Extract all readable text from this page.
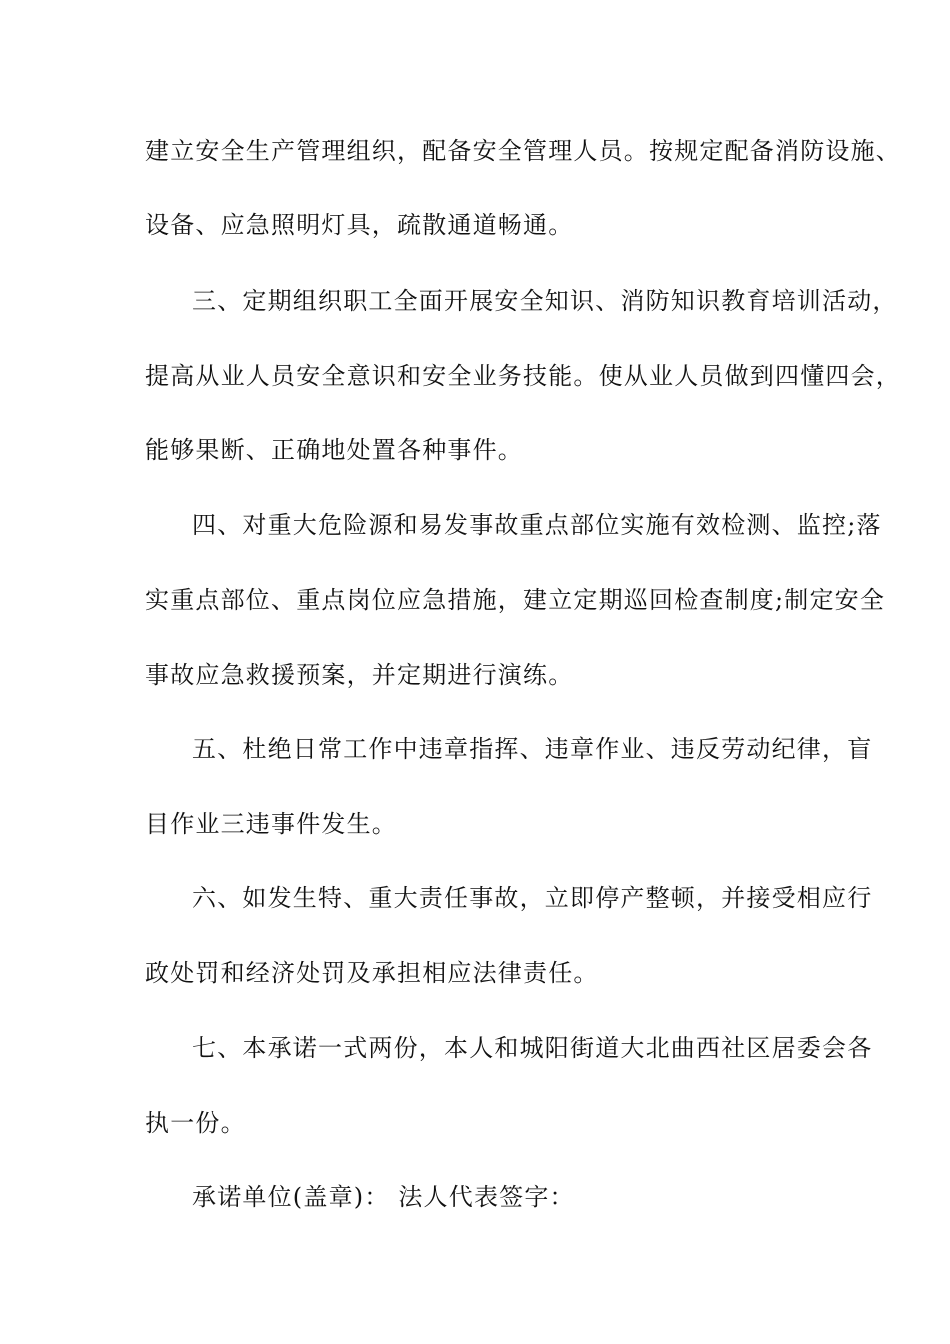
建立安全生产管理组织，配备安全管理人员。按规定配备消防设施、
设备、应急照明灯具，疏散通道畅通。
三、定期组织职工全面开展安全知识、消防知识教育培训活动，
提高从业人员安全意识和安全业务技能。使从业人员做到四懂四会，
能够果断、正确地处置各种事件。
四、对重大危险源和易发事故重点部位实施有效检测、监控;落
实重点部位、重点岗位应急措施，建立定期巡回检查制度;制定安全
事故应急救援预案，并定期进行演练。
五、杜绝日常工作中违章指挥、违章作业、违反劳动纪律，盲
目作业三违事件发生。
六、如发生特、重大责任事故，立即停产整顿，并接受相应行
政处罚和经济处罚及承担相应法律责任。
七、本承诺一式两份，本人和城阳街道大北曲西社区居委会各
执一份。
承诺单位(盖章)： 法人代表签字：
